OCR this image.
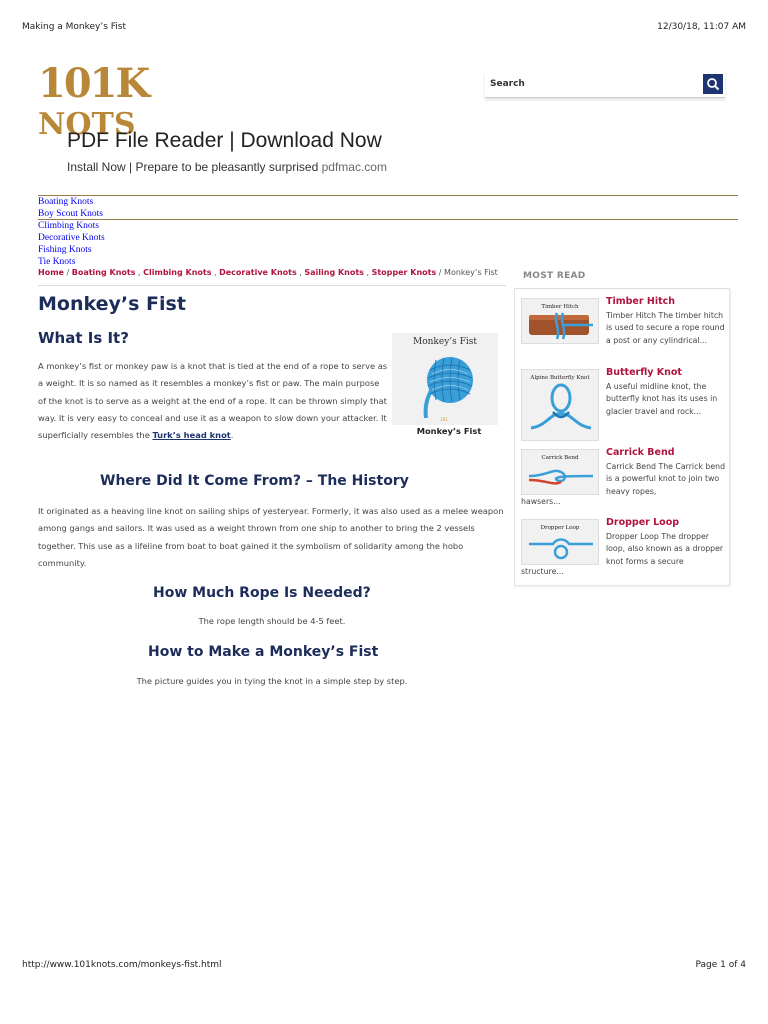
Making a Monkey’s Fist	12/30/18, 11:07 AM
101KNOTS
Search
PDF File Reader | Download Now
Install Now | Prepare to be pleasantly surprised pdfmac.com
Boating Knots
Boy Scout Knots
Climbing Knots
Decorative Knots
Fishing Knots
Tie Knots
Home / Boating Knots , Climbing Knots , Decorative Knots , Sailing Knots , Stopper Knots / Monkey’s Fist
Monkey’s Fist
What Is It?
A monkey’s fist or monkey paw is a knot that is tied at the end of a rope to serve as a weight. It is so named as it resembles a monkey’s fist or paw. The main purpose of the knot is to serve as a weight at the end of a rope. It can be thrown simply that way. It is very easy to conceal and use it as a weapon to slow down your attacker. It superficially resembles the Turk’s head knot.
Monkey’s Fist
101
Monkey’s Fist
Where Did It Come From? – The History
It originated as a heaving line knot on sailing ships of yesteryear. Formerly, it was also used as a melee weapon among gangs and sailors. It was used as a weight thrown from one ship to another to bring the 2 vessels together. This use as a lifeline from boat to boat gained it the symbolism of solidarity among the hobo community.
How Much Rope Is Needed?
The rope length should be 4-5 feet.
How to Make a Monkey’s Fist
The picture guides you in tying the knot in a simple step by step.
MOST READ
Timber Hitch	Timber Hitch
Timber Hitch The timber hitch is used to secure a rope round a post or any cylindrical...
Alpine Butterfly Knot	Butterfly Knot
A useful midline knot, the butterfly knot has its uses in glacier travel and rock...
Carrick Bend	Carrick Bend
Carrick Bend The Carrick bend is a powerful knot to join two heavy ropes,
hawsers...
Dropper Loop	Dropper Loop
Dropper Loop The dropper loop, also known as a dropper knot forms a secure
structure...
http://www.101knots.com/monkeys-fist.html	Page 1 of 4
